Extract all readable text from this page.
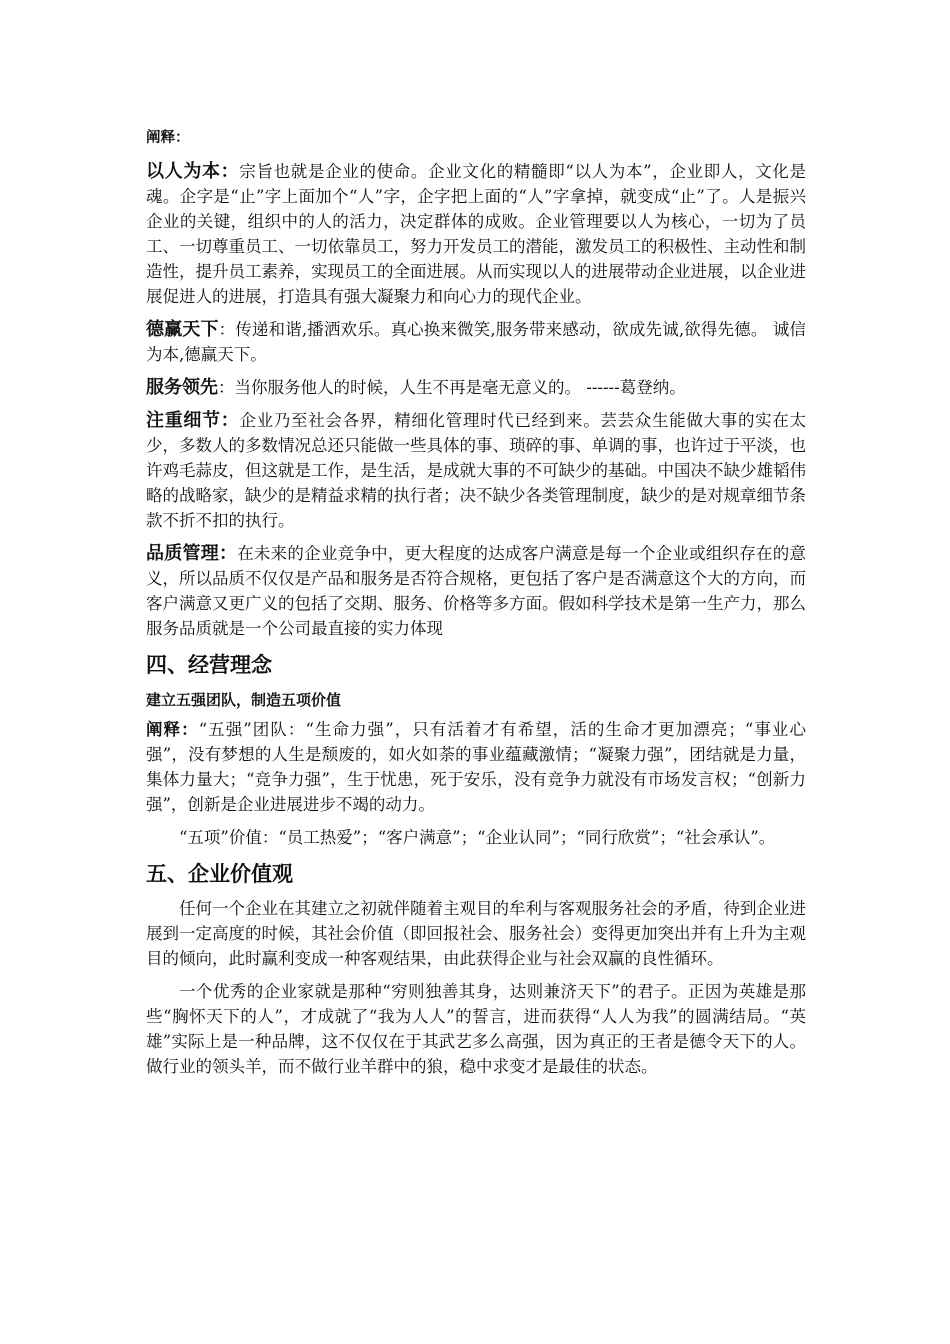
阐释：

以人为本：宗旨也就是企业的使命。企业文化的精髓即“以人为本”，企业即人，文化是魂。企字是“止”字上面加个“人”字，企字把上面的“人”字拿掉，就变成“止”了。人是振兴企业的关键，组织中的人的活力，决定群体的成败。企业管理要以人为核心，一切为了员工、一切尊重员工、一切依靠员工，努力开发员工的潜能，激发员工的积极性、主动性和制造性，提升员工素养，实现员工的全面进展。从而实现以人的进展带动企业进展，以企业进展促进人的进展，打造具有强大凝聚力和向心力的现代企业。

德赢天下：传递和谐,播洒欢乐。真心换来微笑,服务带来感动，欲成先诚,欲得先德。 诚信为本,德赢天下。

服务领先：当你服务他人的时候，人生不再是毫无意义的。 ------葛登纳。

注重细节：企业乃至社会各界，精细化管理时代已经到来。芸芸众生能做大事的实在太少，多数人的多数情况总还只能做一些具体的事、琐碎的事、单调的事，也许过于平淡，也许鸡毛蒜皮，但这就是工作，是生活，是成就大事的不可缺少的基础。中国决不缺少雄韬伟略的战略家，缺少的是精益求精的执行者；决不缺少各类管理制度，缺少的是对规章细节条款不折不扣的执行。

品质管理：在未来的企业竞争中，更大程度的达成客户满意是每一个企业或组织存在的意义，所以品质不仅仅是产品和服务是否符合规格，更包括了客户是否满意这个大的方向，而客户满意又更广义的包括了交期、服务、价格等多方面。假如科学技术是第一生产力，那么服务品质就是一个公司最直接的实力体现

四、经营理念
建立五强团队，制造五项价值

阐释：“五强”团队：“生命力强”，只有活着才有希望，活的生命才更加漂亮；“事业心强”，没有梦想的人生是颓废的，如火如荼的事业蕴藏激情；“凝聚力强”，团结就是力量，集体力量大；“竞争力强”，生于忧患，死于安乐，没有竞争力就没有市场发言权；“创新力强”，创新是企业进展进步不竭的动力。

“五项”价值：“员工热爱”；“客户满意”；“企业认同”；“同行欣赏”；“社会承认”。

五、企业价值观

任何一个企业在其建立之初就伴随着主观目的牟利与客观服务社会的矛盾，待到企业进展到一定高度的时候，其社会价值（即回报社会、服务社会）变得更加突出并有上升为主观目的倾向，此时赢利变成一种客观结果，由此获得企业与社会双赢的良性循环。

一个优秀的企业家就是那种“穷则独善其身，达则兼济天下”的君子。正因为英雄是那些“胸怀天下的人”，才成就了“我为人人”的誓言，进而获得“人人为我”的圆满结局。“英雄”实际上是一种品牌，这不仅仅在于其武艺多么高强，因为真正的王者是德令天下的人。做行业的领头羊，而不做行业羊群中的狼，稳中求变才是最佳的状态。
